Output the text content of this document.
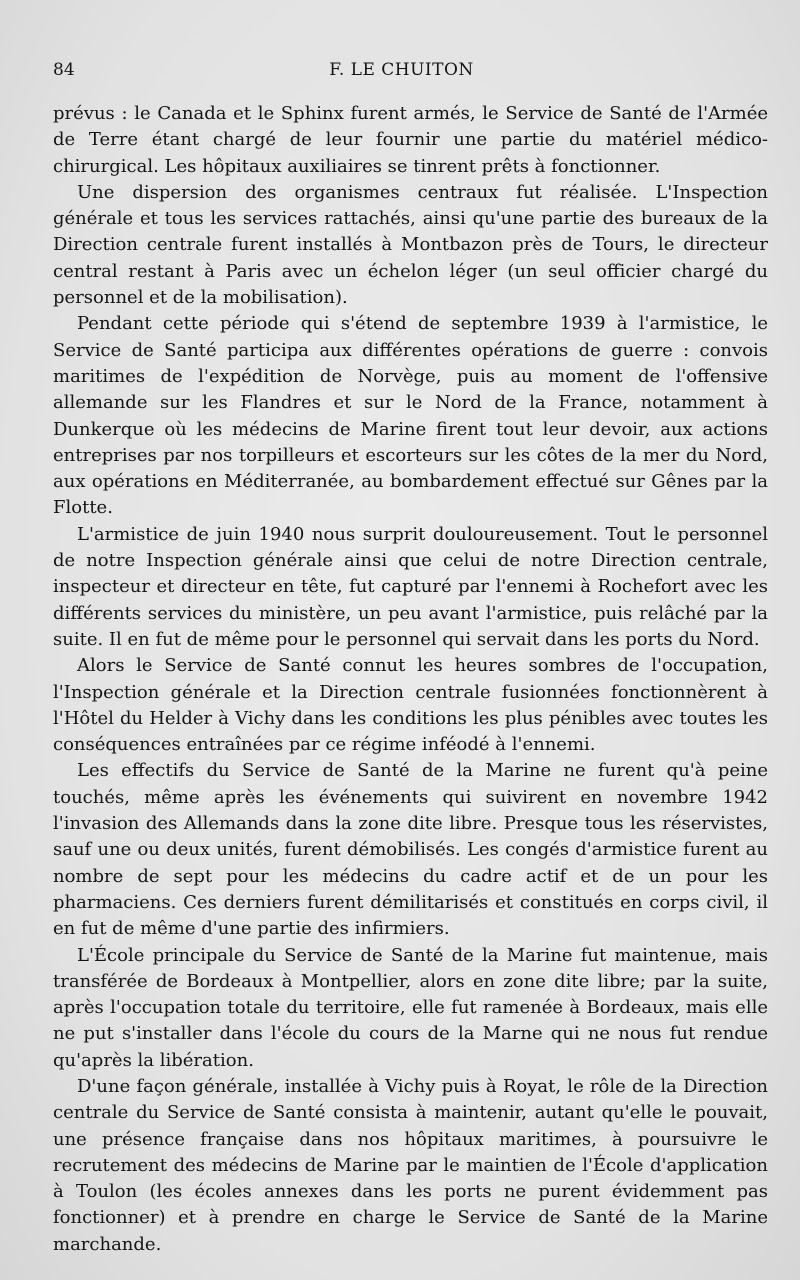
84	F. LE CHUITON

prévus : le Canada et le Sphinx furent armés, le Service de Santé de l'Armée de Terre étant chargé de leur fournir une partie du matériel médico-chirurgical. Les hôpitaux auxiliaires se tinrent prêts à fonctionner.

Une dispersion des organismes centraux fut réalisée. L'Inspection générale et tous les services rattachés, ainsi qu'une partie des bureaux de la Direction centrale furent installés à Montbazon près de Tours, le directeur central restant à Paris avec un échelon léger (un seul officier chargé du personnel et de la mobilisation).

Pendant cette période qui s'étend de septembre 1939 à l'armistice, le Service de Santé participa aux différentes opérations de guerre : convois maritimes de l'expédition de Norvège, puis au moment de l'offensive allemande sur les Flandres et sur le Nord de la France, notamment à Dunkerque où les médecins de Marine firent tout leur devoir, aux actions entreprises par nos torpilleurs et escorteurs sur les côtes de la mer du Nord, aux opérations en Méditerranée, au bombardement effectué sur Gênes par la Flotte.

L'armistice de juin 1940 nous surprit douloureusement. Tout le personnel de notre Inspection générale ainsi que celui de notre Direction centrale, inspecteur et directeur en tête, fut capturé par l'ennemi à Rochefort avec les différents services du ministère, un peu avant l'armistice, puis relâché par la suite. Il en fut de même pour le personnel qui servait dans les ports du Nord.

Alors le Service de Santé connut les heures sombres de l'occupation, l'Inspection générale et la Direction centrale fusionnées fonctionnèrent à l'Hôtel du Helder à Vichy dans les conditions les plus pénibles avec toutes les conséquences entraînées par ce régime inféodé à l'ennemi.

Les effectifs du Service de Santé de la Marine ne furent qu'à peine touchés, même après les événements qui suivirent en novembre 1942 l'invasion des Allemands dans la zone dite libre. Presque tous les réservistes, sauf une ou deux unités, furent démobilisés. Les congés d'armistice furent au nombre de sept pour les médecins du cadre actif et de un pour les pharmaciens. Ces derniers furent démilitarisés et constitués en corps civil, il en fut de même d'une partie des infirmiers.

L'École principale du Service de Santé de la Marine fut maintenue, mais transférée de Bordeaux à Montpellier, alors en zone dite libre; par la suite, après l'occupation totale du territoire, elle fut ramenée à Bordeaux, mais elle ne put s'installer dans l'école du cours de la Marne qui ne nous fut rendue qu'après la libération.

D'une façon générale, installée à Vichy puis à Royat, le rôle de la Direction centrale du Service de Santé consista à maintenir, autant qu'elle le pouvait, une présence française dans nos hôpitaux maritimes, à poursuivre le recrutement des médecins de Marine par le maintien de l'École d'application à Toulon (les écoles annexes dans les ports ne purent évidemment pas fonctionner) et à prendre en charge le Service de Santé de la Marine marchande.
